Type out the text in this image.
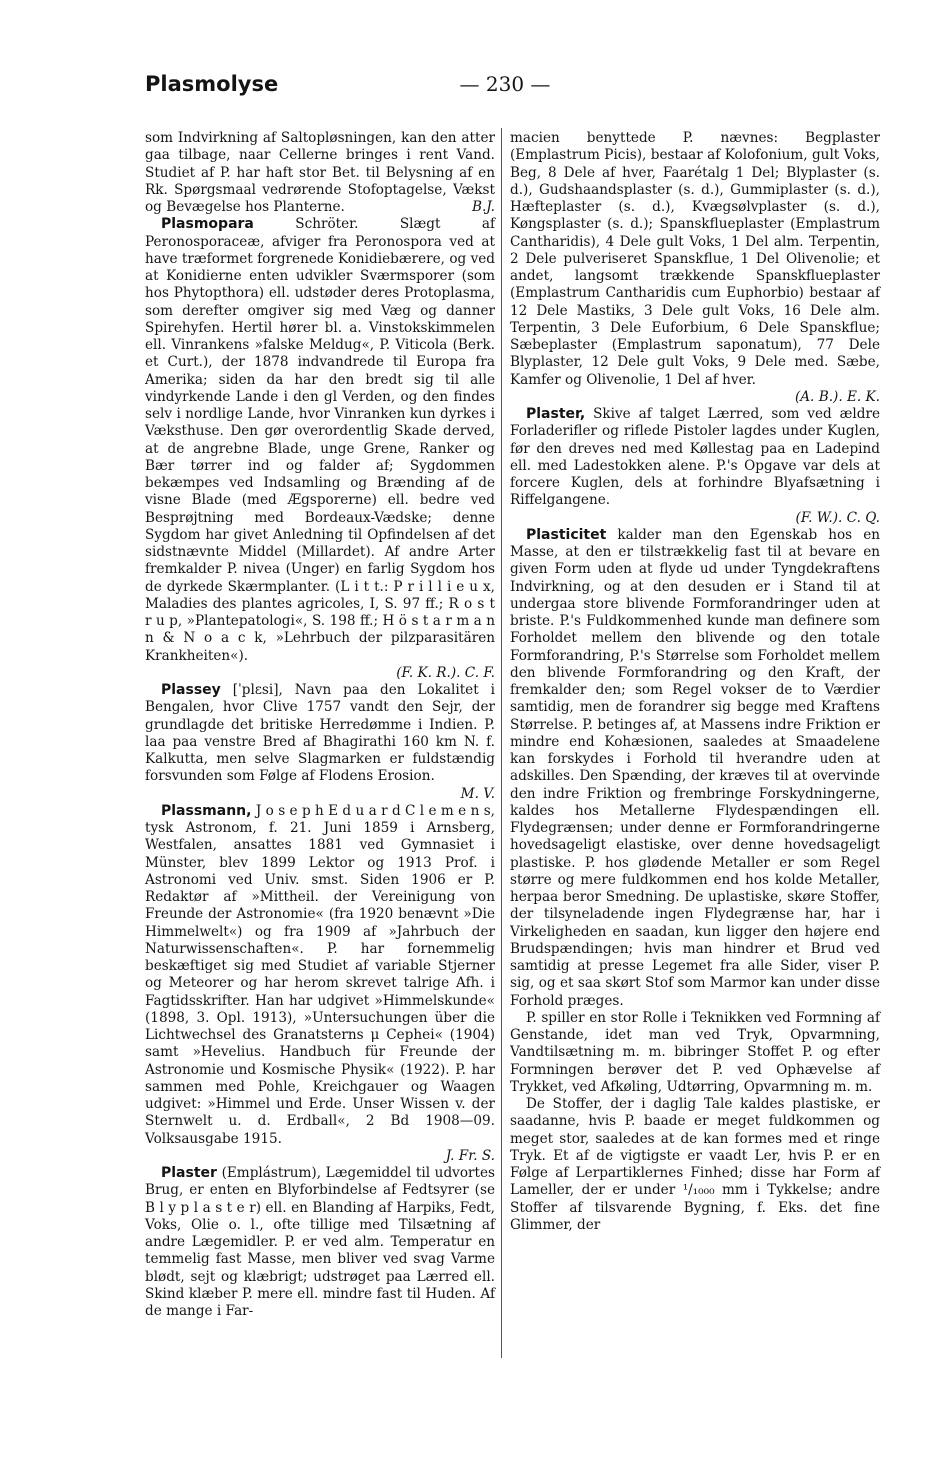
Plasmolyse	— 230 —

som Indvirkning af Saltopløsningen, kan den atter gaa tilbage, naar Cellerne bringes i rent Vand. Studiet af P. har haft stor Bet. til Belysning af en Rk. Spørgsmaal vedrørende Stofoptagelse, Vækst og Bevægelse hos Planterne.	B.J.

Plasmopara	Schröter. Slægt af Peronosporaceæ, afviger fra Peronospora ved at have træformet forgrenede Konidiebærere, og ved at Konidierne enten udvikler Sværmsporer (som hos Phytopthora) ell. udstøder deres Protoplasma, som derefter omgiver sig med Væg og danner Spirehyfen. Hertil hører bl. a. Vinstokskimmelen ell. Vinrankens »falske Meldug«, P. Viticola (Berk. et Curt.), der 1878 indvandrede til Europa fra Amerika; siden da har den bredt sig til alle vindyrkende Lande i den gl Verden, og den findes selv i nordlige Lande, hvor Vinranken kun dyrkes i Væksthuse. Den gør overordentlig Skade derved, at de angrebne Blade, unge Grene, Ranker og Bær tørrer ind og falder af; Sygdommen bekæmpes ved Indsamling og Brænding af de visne Blade (med Ægsporerne) ell. bedre ved Besprøjtning med Bordeaux-Vædske; denne Sygdom har givet Anledning til Opfindelsen af det sidstnævnte Middel (Millardet). Af andre Arter fremkalder P. nivea (Unger) en farlig Sygdom hos de dyrkede Skærmplanter. (L i t t.: P r i l l i e u x, Maladies des plantes agricoles, I, S. 97 ff.; R o s t r u p, »Plantepatologi«, S. 198 ff.; H ö s t a r m a n n & N o a c k, »Lehrbuch der pilzparasitären Krankheiten«).
(F. K. R.). C. F.

Plassey [ˈplɛsi], Navn paa den Lokalitet i Bengalen, hvor Clive 1757 vandt den Sejr, der grundlagde det britiske Herredømme i Indien. P. laa paa venstre Bred af Bhagirathi 160 km N. f. Kalkutta, men selve Slagmarken er fuldstændig forsvunden som Følge af Flodens Erosion.
M. V.

Plassmann, J o s e p h E d u a r d C l e m e n s, tysk Astronom, f. 21. Juni 1859 i Arnsberg, Westfalen, ansattes 1881 ved Gymnasiet i Münster, blev 1899 Lektor og 1913 Prof. i Astronomi ved Univ. smst. Siden 1906 er P. Redaktør af »Mittheil. der Vereinigung von Freunde der Astronomie« (fra 1920 benævnt »Die Himmelwelt«) og fra 1909 af »Jahrbuch der Naturwissenschaften«. P. har fornemmelig beskæftiget sig med Studiet af variable Stjerner og Meteorer og har herom skrevet talrige Afh. i Fagtidsskrifter. Han har udgivet »Himmelskunde« (1898, 3. Opl. 1913), »Untersuchungen über die Lichtwechsel des Granatsterns μ Cephei« (1904) samt »Hevelius. Handbuch für Freunde der Astronomie und Kosmische Physik« (1922). P. har sammen med Pohle, Kreichgauer og Waagen udgivet: »Himmel und Erde. Unser Wissen v. der Sternwelt u. d. Erdball«, 2 Bd 1908—09. Volksausgabe 1915.
J. Fr. S.

Plaster (Emplástrum), Lægemiddel til udvortes Brug, er enten en Blyforbindelse af Fedtsyrer (se B l y p l a s t e r) ell. en Blanding af Harpiks, Fedt, Voks, Olie o. l., ofte tillige med Tilsætning af andre Lægemidler. P. er ved alm. Temperatur en temmelig fast Masse, men bliver ved svag Varme blødt, sejt og klæbrigt; udstrøget paa Lærred ell. Skind klæber P. mere ell. mindre fast til Huden. Af de mange i Far-

macien benyttede P. nævnes: Begplaster (Emplastrum Picis), bestaar af Kolofonium, gult Voks, Beg, 8 Dele af hver, Faarétalg 1 Del; Blyplaster (s. d.), Gudshaandsplaster (s. d.), Gummiplaster (s. d.), Hæfteplaster (s. d.), Kvægsølvplaster (s. d.), Køngsplaster (s. d.); Spanskflueplaster (Emplastrum Cantharidis), 4 Dele gult Voks, 1 Del alm. Terpentin, 2 Dele pulveriseret Spanskflue, 1 Del Olivenolie; et andet, langsomt trækkende Spanskflueplaster (Emplastrum Cantharidis cum Euphorbio) bestaar af 12 Dele Mastiks, 3 Dele gult Voks, 16 Dele alm. Terpentin, 3 Dele Euforbium, 6 Dele Spanskflue; Sæbeplaster (Emplastrum saponatum), 77 Dele Blyplaster, 12 Dele gult Voks, 9 Dele med. Sæbe, Kamfer og Olivenolie, 1 Del af hver.
(A. B.). E. K.

Plaster, Skive af talget Lærred, som ved ældre Forladerifler og riflede Pistoler lagdes under Kuglen, før den dreves ned med Køllestag paa en Ladepind ell. med Ladestokken alene. P.'s Opgave var dels at forcere Kuglen, dels at forhindre Blyafsætning i Riffelgangene.
(F. W.). C. Q.

Plasticitet kalder man den Egenskab hos en Masse, at den er tilstrækkelig fast til at bevare en given Form uden at flyde ud under Tyngdekraftens Indvirkning, og at den desuden er i Stand til at undergaa store blivende Formforandringer uden at briste. P.'s Fuldkommenhed kunde man definere som Forholdet mellem den blivende og den totale Formforandring, P.'s Størrelse som Forholdet mellem den blivende Formforandring og den Kraft, der fremkalder den; som Regel vokser de to Værdier samtidig, men de forandrer sig begge med Kraftens Størrelse. P. betinges af, at Massens indre Friktion er mindre end Kohæsionen, saaledes at Smaadelene kan forskydes i Forhold til hverandre uden at adskilles. Den Spænding, der kræves til at overvinde den indre Friktion og frembringe Forskydningerne, kaldes hos Metallerne Flydespændingen ell. Flydegrænsen; under denne er Formforandringerne hovedsageligt elastiske, over denne hovedsageligt plastiske. P. hos glødende Metaller er som Regel større og mere fuldkommen end hos kolde Metaller, herpaa beror Smedning. De uplastiske, skøre Stoffer, der tilsyneladende ingen Flydegrænse har, har i Virkeligheden en saadan, kun ligger den højere end Brudspændingen; hvis man hindrer et Brud ved samtidig at presse Legemet fra alle Sider, viser P. sig, og et saa skørt Stof som Marmor kan under disse Forhold præges.

P. spiller en stor Rolle i Teknikken ved Formning af Genstande, idet man ved Tryk, Opvarmning, Vandtilsætning m. m. bibringer Stoffet P. og efter Formningen berøver det P. ved Ophævelse af Trykket, ved Afkøling, Udtørring, Opvarmning m. m.

De Stoffer, der i daglig Tale kaldes plastiske, er saadanne, hvis P. baade er meget fuldkommen og meget stor, saaledes at de kan formes med et ringe Tryk. Et af de vigtigste er vaadt Ler, hvis P. er en Følge af Lerpartiklernes Finhed; disse har Form af Lameller, der er under ¹/₁₀₀₀ mm i Tykkelse; andre Stoffer af tilsvarende Bygning, f. Eks. det fine Glimmer, der
